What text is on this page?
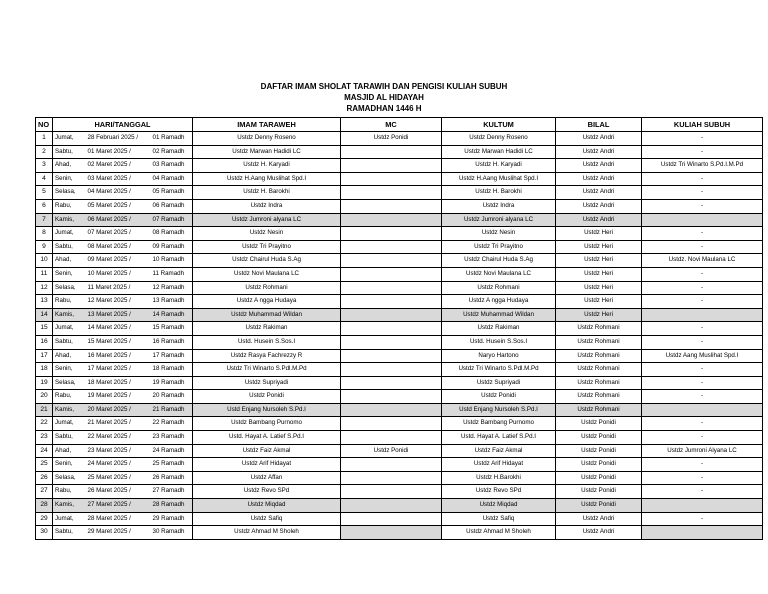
DAFTAR IMAM SHOLAT TARAWIH DAN PENGISI KULIAH SUBUH
MASJID AL HIDAYAH
RAMADHAN 1446 H
NO	HARI/TANGGAL			IMAM TARAWEH	MC	KULTUM	BILAL	KULIAH SUBUH
1	Jumat,	28 Februari 2025 /	01 Ramadh	Ustdz Denny Roseno	Ustdz Ponidi	Ustdz Denny Roseno	Ustdz Andri	-
2	Sabtu,	01 Maret 2025 /	02 Ramadh	Ustdz Marwan Hadidi LC		Ustdz Marwan Hadidi LC	Ustdz Andri	-
3	Ahad,	02 Maret 2025 /	03 Ramadh	Ustdz H. Karyadi		Ustdz H. Karyadi	Ustdz Andri	Ustdz Tri Winarto S.Pd.I.M.Pd
4	Senin,	03 Maret 2025 /	04 Ramadh	Ustdz H.Aang Muslihat Spd.I		Ustdz H.Aang Muslihat Spd.I	Ustdz Andri	-
5	Selasa,	04 Maret 2025 /	05 Ramadh	Ustdz H. Barokhi		Ustdz H. Barokhi	Ustdz Andri	-
6	Rabu,	05 Maret 2025 /	06 Ramadh	Ustdz Indra		Ustdz Indra	Ustdz Andri	-
7	Kamis,	06 Maret 2025 /	07 Ramadh	Ustdz Jumroni alyana LC		Ustdz Jumroni alyana LC	Ustdz Andri	
8	Jumat,	07 Maret 2025 /	08 Ramadh	Ustdz Nesin		Ustdz Nesin	Ustdz Heri	-
9	Sabtu,	08 Maret 2025 /	09 Ramadh	Ustdz Tri Prayitno		Ustdz Tri Prayitno	Ustdz Heri	-
10	Ahad,	09 Maret 2025 /	10 Ramadh	Ustdz Chairul Huda S.Ag		Ustdz Chairul Huda S.Ag	Ustdz Heri	Ustdz. Novi Maulana LC
11	Senin,	10 Maret 2025 /	11 Ramadh	Ustdz Novi Maulana LC		Ustdz Novi Maulana LC	Ustdz Heri	-
12	Selasa,	11 Maret 2025 /	12 Ramadh	Ustdz Rohmani		Ustdz Rohmani	Ustdz Heri	-
13	Rabu,	12 Maret 2025 /	13 Ramadh	Ustdz A ngga Hudaya		Ustdz A ngga Hudaya	Ustdz Heri	-
14	Kamis,	13 Maret 2025 /	14 Ramadh	Ustdz Muhammad Wildan		Ustdz Muhammad Wildan	Ustdz Heri	
15	Jumat,	14 Maret 2025 /	15 Ramadh	Ustdz Rakiman		Ustdz Rakiman	Ustdz Rohmani	-
16	Sabtu,	15 Maret 2025 /	16 Ramadh	Ustd. Husein S.Sos.I		Ustd. Husein S.Sos.I	Ustdz Rohmani	-
17	Ahad,	16 Maret 2025 /	17 Ramadh	Ustdz Rasya Fachrezzy R		Naryo Hartono	Ustdz Rohmani	Ustdz Aang Muslihat Spd.I
18	Senin,	17 Maret 2025 /	18 Ramadh	Ustdz Tri Winarto S.Pdl.M.Pd		Ustdz Tri Winarto S.Pdl.M.Pd	Ustdz Rohmani	-
19	Selasa,	18 Maret 2025 /	19 Ramadh	Ustdz Supriyadi		Ustdz Supriyadi	Ustdz Rohmani	-
20	Rabu,	19 Maret 2025 /	20 Ramadh	Ustdz Ponidi		Ustdz Ponidi	Ustdz Rohmani	-
21	Kamis,	20 Maret 2025 /	21 Ramadh	Ustd Enjang Nursoleh S.Pd.I		Ustd Enjang Nursoleh S.Pd.I	Ustdz Rohmani	
22	Jumat,	21 Maret 2025 /	22 Ramadh	Ustdz Bambang Purnomo		Ustdz Bambang Purnomo	Ustdz Ponidi	-
23	Sabtu,	22 Maret 2025 /	23 Ramadh	Ustd. Hayat A. Latief S.Pd.I		Ustd. Hayat A. Latief S.Pd.I	Ustdz Ponidi	-
24	Ahad,	23 Maret 2025 /	24 Ramadh	Ustdz Faiz Akmal	Ustdz Ponidi	Ustdz Faiz Akmal	Ustdz Ponidi	Ustdz Jumroni Alyana LC
25	Senin,	24 Maret 2025 /	25 Ramadh	Ustdz Arif Hidayat		Ustdz Arif Hidayat	Ustdz Ponidi	-
26	Selasa,	25 Maret 2025 /	26 Ramadh	Ustdz Affan		Ustdz H.Barokhi	Ustdz Ponidi	-
27	Rabu,	26 Maret 2025 /	27 Ramadh	Ustdz Revo SPd		Ustdz Revo SPd	Ustdz Ponidi	-
28	Kamis,	27 Maret 2025 /	28 Ramadh	Ustdz Miqdad		Ustdz Miqdad	Ustdz Ponidi	
29	Jumat,	28 Maret 2025 /	29 Ramadh	Ustdz Safiq		Ustdz Safiq	Ustdz Andri	-
30	Sabtu,	29 Maret 2025 /	30 Ramadh	Ustdz Ahmad M Sholeh		Ustdz Ahmad M Sholeh	Ustdz Andri	
